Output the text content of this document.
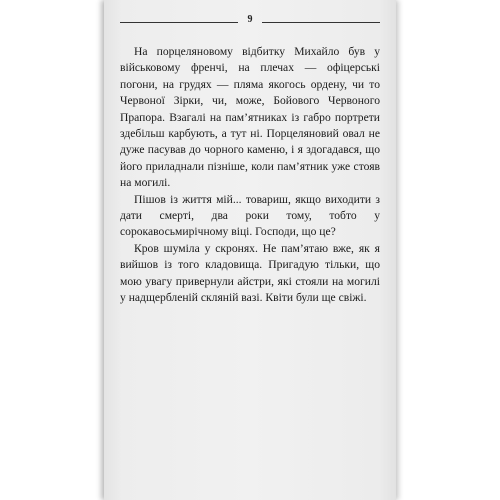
9

На порцеляновому відбитку Михайло був у військовому френчі, на плечах — офіцерські погони, на грудях — пляма якогось ордену, чи то Червоної Зірки, чи, може, Бойового Червоного Прапора. Взагалі на пам’ятниках із габро портрети здебільш карбують, а тут ні. Порцеляновий овал не дуже пасував до чорного каменю, і я здогадався, що його приладнали пізніше, коли пам’ятник уже стояв на могилі.

Пішов із життя мій... товариш, якщо виходити з дати смерті, два роки тому, тобто у сорокавосьмирічному віці. Господи, що це?

Кров шуміла у скронях. Не пам’ятаю вже, як я вийшов із того кладовища. Пригадую тільки, що мою увагу привернули айстри, які стояли на могилі у надщербленій скляній вазі. Квіти були ще свіжі.
